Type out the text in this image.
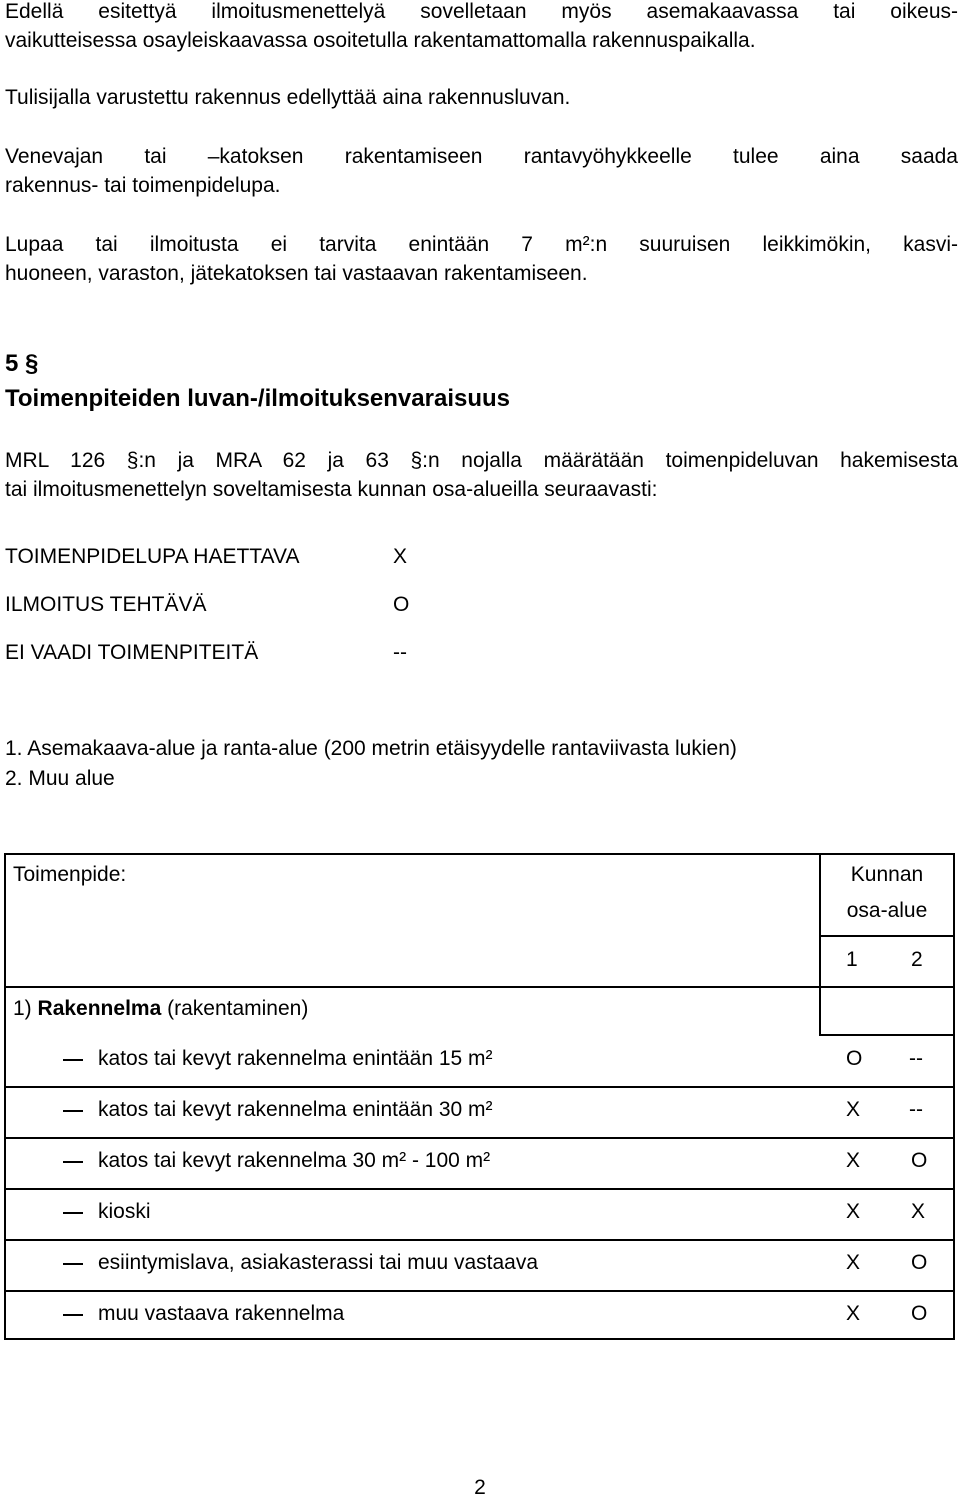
Edellä esitettyä ilmoitusmenettelyä sovelletaan myös asemakaavassa tai oikeus-
vaikutteisessa osayleiskaavassa osoitetulla rakentamattomalla rakennuspaikalla.
Tulisijalla varustettu rakennus edellyttää aina rakennusluvan.
Venevajan tai –katoksen rakentamiseen rantavyöhykkeelle tulee aina saada
rakennus- tai toimenpidelupa.
Lupaa tai ilmoitusta ei tarvita enintään 7 m²:n suuruisen leikkimökin, kasvi-
huoneen, varaston, jätekatoksen tai vastaavan rakentamiseen.
5 §
Toimenpiteiden luvan-/ilmoituksenvaraisuus
MRL 126 §:n ja MRA 62 ja 63 §:n nojalla määrätään toimenpideluvan hakemisesta
tai ilmoitusmenettelyn soveltamisesta kunnan osa-alueilla seuraavasti:
TOIMENPIDELUPA HAETTAVA	X
ILMOITUS TEHTÄVÄ	O
EI VAADI TOIMENPITEITÄ	--
1. Asemakaava-alue ja ranta-alue (200 metrin etäisyydelle rantaviivasta lukien)
2. Muu alue
Toimenpide:	Kunnan
osa-alue
1	2
1) Rakennelma (rakentaminen)
katos tai kevyt rakennelma enintään 15 m²	O --
katos tai kevyt rakennelma enintään 30 m²	X --
katos tai kevyt rakennelma 30 m² - 100 m²	X O
kioski	X X
esiintymislava, asiakasterassi tai muu vastaava	X O
muu vastaava rakennelma	X O
2
